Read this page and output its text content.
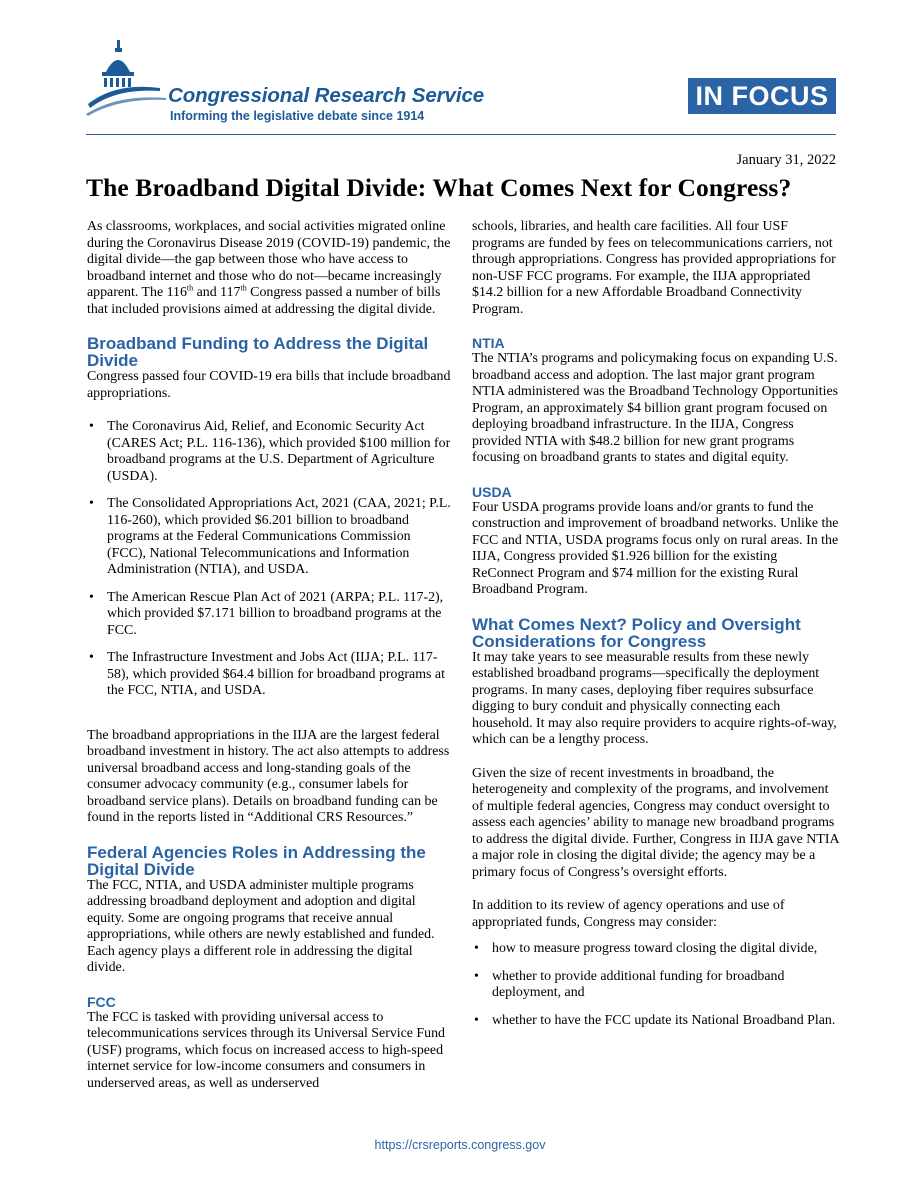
Congressional Research Service
Informing the legislative debate since 1914
IN FOCUS
January 31, 2022
The Broadband Digital Divide: What Comes Next for Congress?

As classrooms, workplaces, and social activities migrated online during the Coronavirus Disease 2019 (COVID-19) pandemic, the digital divide—the gap between those who have access to broadband internet and those who do not—became increasingly apparent. The 116th and 117th Congress passed a number of bills that included provisions aimed at addressing the digital divide.

Broadband Funding to Address the Digital Divide

Congress passed four COVID-19 era bills that include broadband appropriations.

• The Coronavirus Aid, Relief, and Economic Security Act (CARES Act; P.L. 116-136), which provided $100 million for broadband programs at the U.S. Department of Agriculture (USDA).
• The Consolidated Appropriations Act, 2021 (CAA, 2021; P.L. 116-260), which provided $6.201 billion to broadband programs at the Federal Communications Commission (FCC), National Telecommunications and Information Administration (NTIA), and USDA.
• The American Rescue Plan Act of 2021 (ARPA; P.L. 117-2), which provided $7.171 billion to broadband programs at the FCC.
• The Infrastructure Investment and Jobs Act (IIJA; P.L. 117-58), which provided $64.4 billion for broadband programs at the FCC, NTIA, and USDA.

The broadband appropriations in the IIJA are the largest federal broadband investment in history. The act also attempts to address universal broadband access and long-standing goals of the consumer advocacy community (e.g., consumer labels for broadband service plans). Details on broadband funding can be found in the reports listed in “Additional CRS Resources.”

Federal Agencies Roles in Addressing the Digital Divide

The FCC, NTIA, and USDA administer multiple programs addressing broadband deployment and adoption and digital equity. Some are ongoing programs that receive annual appropriations, while others are newly established and funded. Each agency plays a different role in addressing the digital divide.

FCC

The FCC is tasked with providing universal access to telecommunications services through its Universal Service Fund (USF) programs, which focus on increased access to high-speed internet service for low-income consumers and consumers in underserved areas, as well as underserved

schools, libraries, and health care facilities. All four USF programs are funded by fees on telecommunications carriers, not through appropriations. Congress has provided appropriations for non-USF FCC programs. For example, the IIJA appropriated $14.2 billion for a new Affordable Broadband Connectivity Program.

NTIA

The NTIA’s programs and policymaking focus on expanding U.S. broadband access and adoption. The last major grant program NTIA administered was the Broadband Technology Opportunities Program, an approximately $4 billion grant program focused on deploying broadband infrastructure. In the IIJA, Congress provided NTIA with $48.2 billion for new grant programs focusing on broadband grants to states and digital equity.

USDA

Four USDA programs provide loans and/or grants to fund the construction and improvement of broadband networks. Unlike the FCC and NTIA, USDA programs focus only on rural areas. In the IIJA, Congress provided $1.926 billion for the existing ReConnect Program and $74 million for the existing Rural Broadband Program.

What Comes Next? Policy and Oversight Considerations for Congress

It may take years to see measurable results from these newly established broadband programs—specifically the deployment programs. In many cases, deploying fiber requires subsurface digging to bury conduit and physically connecting each household. It may also require providers to acquire rights-of-way, which can be a lengthy process.

Given the size of recent investments in broadband, the heterogeneity and complexity of the programs, and involvement of multiple federal agencies, Congress may conduct oversight to assess each agencies’ ability to manage new broadband programs to address the digital divide. Further, Congress in IIJA gave NTIA a major role in closing the digital divide; the agency may be a primary focus of Congress’s oversight efforts.

In addition to its review of agency operations and use of appropriated funds, Congress may consider:

• how to measure progress toward closing the digital divide,
• whether to provide additional funding for broadband deployment, and
• whether to have the FCC update its National Broadband Plan.
https://crsreports.congress.gov
